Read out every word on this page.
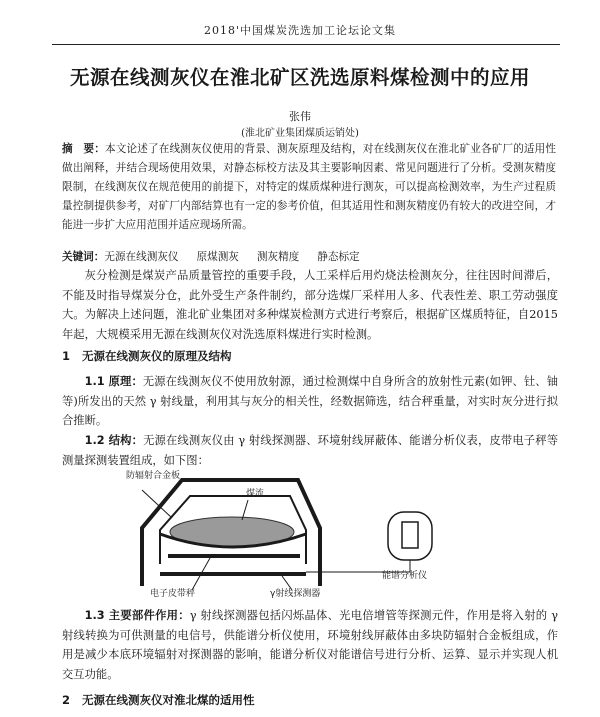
2018'中国煤炭洗选加工论坛论文集
无源在线测灰仪在淮北矿区洗选原料煤检测中的应用
张伟
(淮北矿业集团煤质运销处)

摘　要：本文论述了在线测灰仪使用的背景、测灰原理及结构，对在线测灰仪在淮北矿业各矿厂的适用性做出阐释，并结合现场使用效果，对静态标校方法及其主要影响因素、常见问题进行了分析。受测灰精度限制，在线测灰仪在规范使用的前提下，对特定的煤质煤种进行测灰，可以提高检测效率，为生产过程质量控制提供参考，对矿厂内部结算也有一定的参考价值，但其适用性和测灰精度仍有较大的改进空间，才能进一步扩大应用范围并适应现场所需。

关键词：无源在线测灰仪 原煤测灰 测灰精度 静态标定

灰分检测是煤炭产品质量管控的重要手段，人工采样后用灼烧法检测灰分，往往因时间滞后，不能及时指导煤炭分仓，此外受生产条件制约，部分选煤厂采样用人多、代表性差、职工劳动强度大。为解决上述问题，淮北矿业集团对多种煤炭检测方式进行考察后，根据矿区煤质特征，自2015年起，大规模采用无源在线测灰仪对洗选原料煤进行实时检测。

1 无源在线测灰仪的原理及结构

1.1 原理：无源在线测灰仪不使用放射源，通过检测煤中自身所含的放射性元素(如钾、钍、铀等)所发出的天然 γ 射线量，利用其与灰分的相关性，经数据筛选，结合秤重量，对实时灰分进行拟合推断。

1.2 结构：无源在线测灰仪由 γ 射线探测器、环境射线屏蔽体、能谱分析仪表，皮带电子秤等测量探测装置组成，如下图：

防辐射合金板
煤流
电子皮带秤	γ射线探测器
能谱分析仪

1.3 主要部件作用：γ 射线探测器包括闪烁晶体、光电倍增管等探测元件，作用是将入射的 γ 射线转换为可供测量的电信号，供能谱分析仪使用，环境射线屏蔽体由多块防辐射合金板组成，作用是减少本底环境辐射对探测器的影响，能谱分析仪对能谱信号进行分析、运算、显示并实现人机交互功能。

2 无源在线测灰仪对淮北煤的适用性
